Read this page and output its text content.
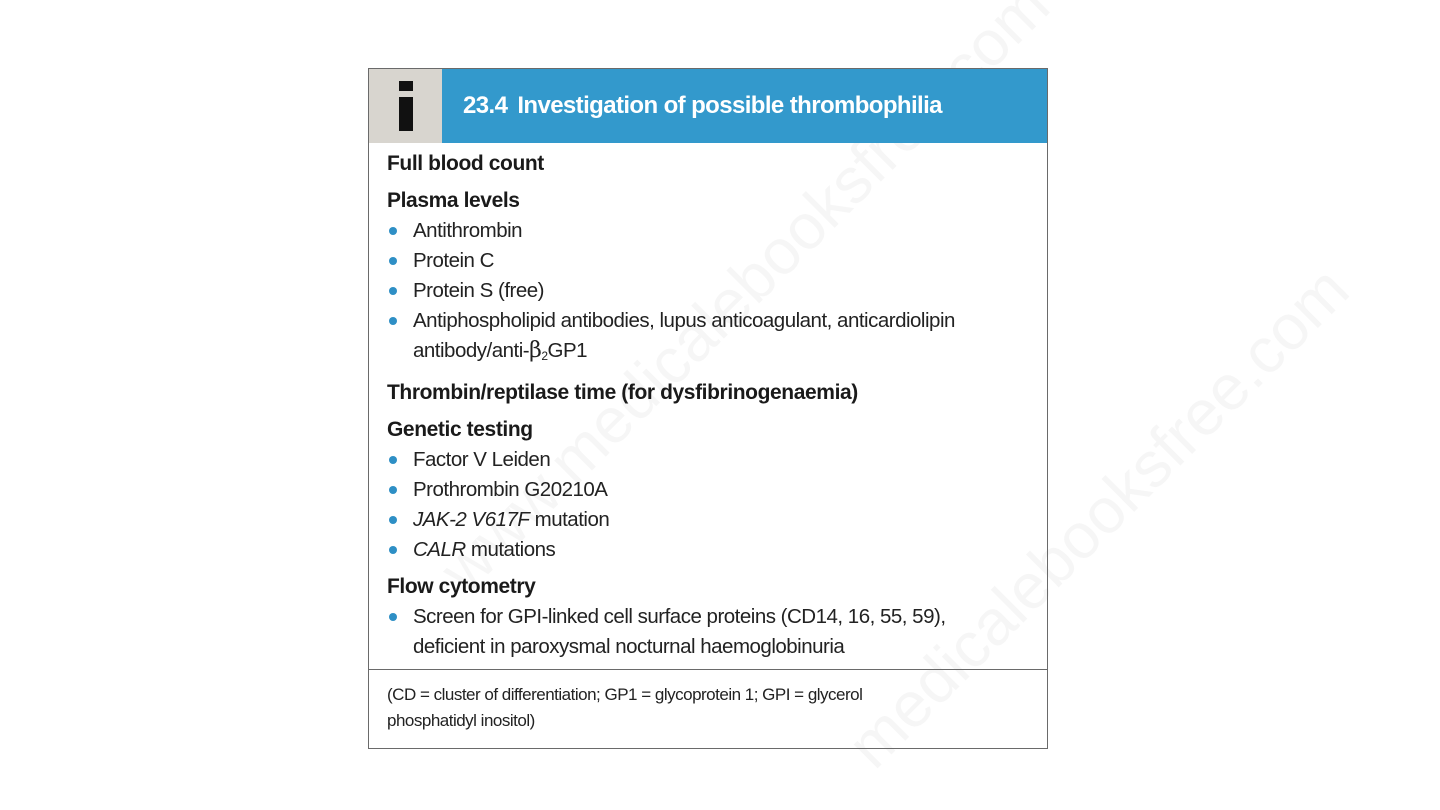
23.4 Investigation of possible thrombophilia
Full blood count
Plasma levels
Antithrombin
Protein C
Protein S (free)
Antiphospholipid antibodies, lupus anticoagulant, anticardiolipin
antibody/$anti-\beta_2GP1$
Thrombin/reptilase time (for dysfibrinogenaemia)
Genetic testing
Factor V Leiden
Prothrombin G20210A
JAK-2 V617F mutation
CALR mutations
Flow cytometry
Screen for GPI-linked cell surface proteins (CD14, 16, 55, 59),
deficient in paroxysmal nocturnal haemoglobinuria
(CD = cluster of differentiation; GP1 = glycoprotein 1; GPI = glycerol
phosphatidyl inositol)
